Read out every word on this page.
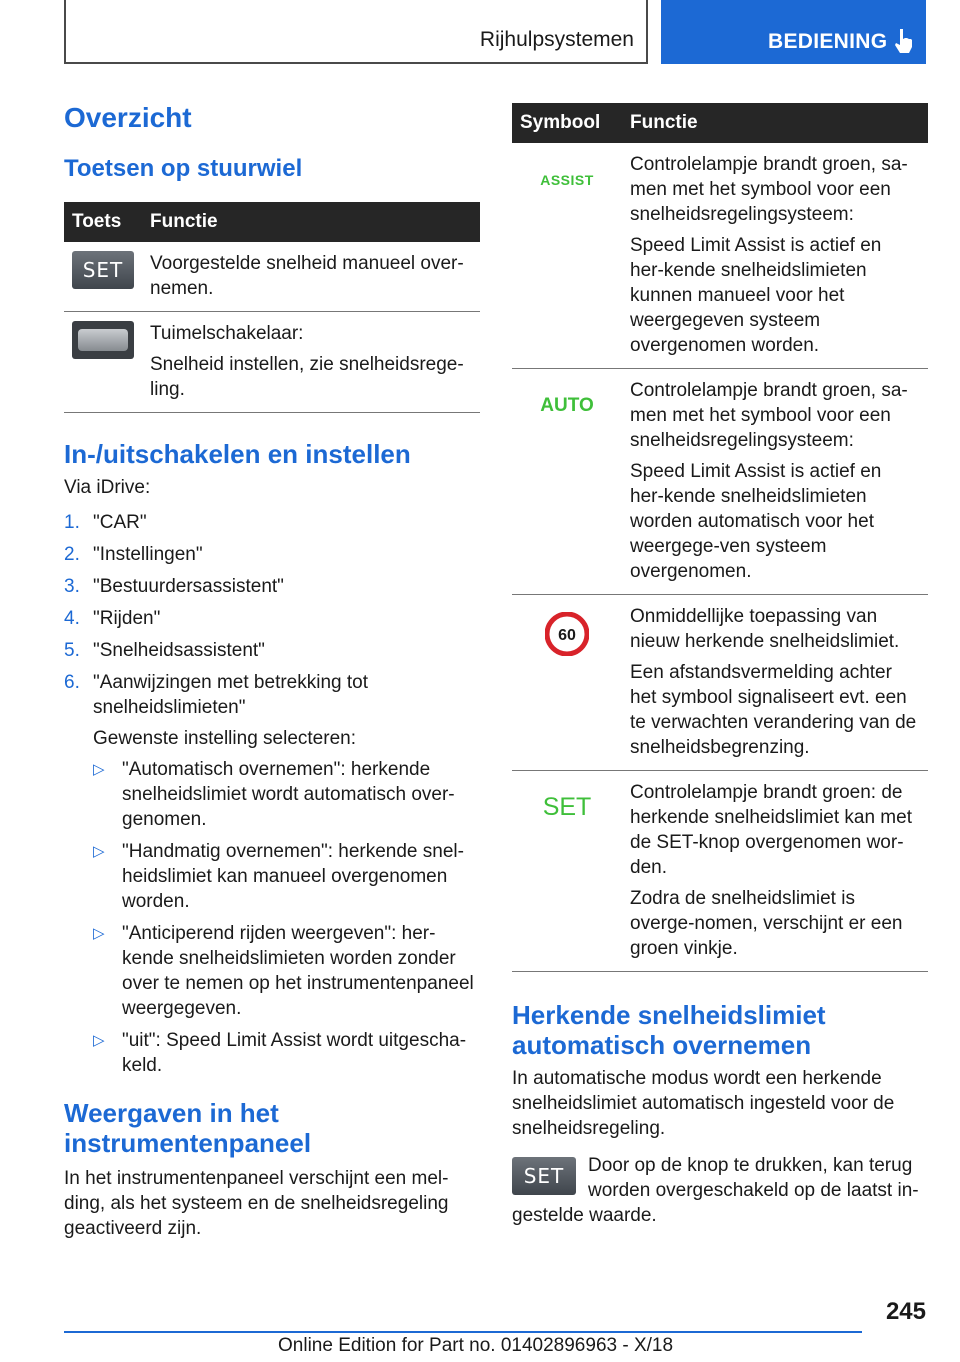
Rijhulpsystemen	BEDIENING
Overzicht
Toetsen op stuurwiel
Toets	Functie

SET	Voorgestelde snelheid manueel over-nemen.

	Tuimelschakelaar:

Snelheid instellen, zie snelheidsrege-ling.

In-/uitschakelen en instellen

Via iDrive:

1. "CAR"
2. "Instellingen"
3. "Bestuurdersassistent"
4. "Rijden"
5. "Snelheidsassistent"
6. "Aanwijzingen met betrekking tot snelheidslimieten"
Gewenste instelling selecteren:
▷ "Automatisch overnemen": herkende snelheidslimiet wordt automatisch over-genomen.
▷ "Handmatig overnemen": herkende snel-heidslimiet kan manueel overgenomen worden.
▷ "Anticiperend rijden weergeven": her-kende snelheidslimieten worden zonder over te nemen op het instrumentenpaneel weergegeven.
▷ "uit": Speed Limit Assist wordt uitgescha-keld.
Weergaven in het instrumentenpaneel

In het instrumentenpaneel verschijnt een mel-ding, als het systeem en de snelheidsregeling geactiveerd zijn.

Symbool	Functie

ASSIST	Controlelampje brandt groen, sa-men met het symbool voor een snelheidsregelingsysteem:

Speed Limit Assist is actief en her-kende snelheidslimieten kunnen manueel voor het weergegeven systeem overgenomen worden.

AUTO	Controlelampje brandt groen, sa-men met het symbool voor een snelheidsregelingsysteem:

Speed Limit Assist is actief en her-kende snelheidslimieten worden automatisch voor het weergege-ven systeem overgenomen.

60	Onmiddellijke toepassing van nieuw herkende snelheidslimiet.

Een afstandsvermelding achter het symbool signaliseert evt. een te verwachten verandering van de snelheidsbegrenzing.

SET	Controlelampje brandt groen: de herkende snelheidslimiet kan met de SET-knop overgenomen wor-den.

Zodra de snelheidslimiet is overge-nomen, verschijnt er een groen vinkje.

Herkende snelheidslimiet automatisch overnemen

In automatische modus wordt een herkende snelheidslimiet automatisch ingesteld voor de snelheidsregeling.

SET	Door op de knop te drukken, kan terug worden overgeschakeld op de laatst in-gestelde waarde.
245
Online Edition for Part no. 01402896963 - X/18
